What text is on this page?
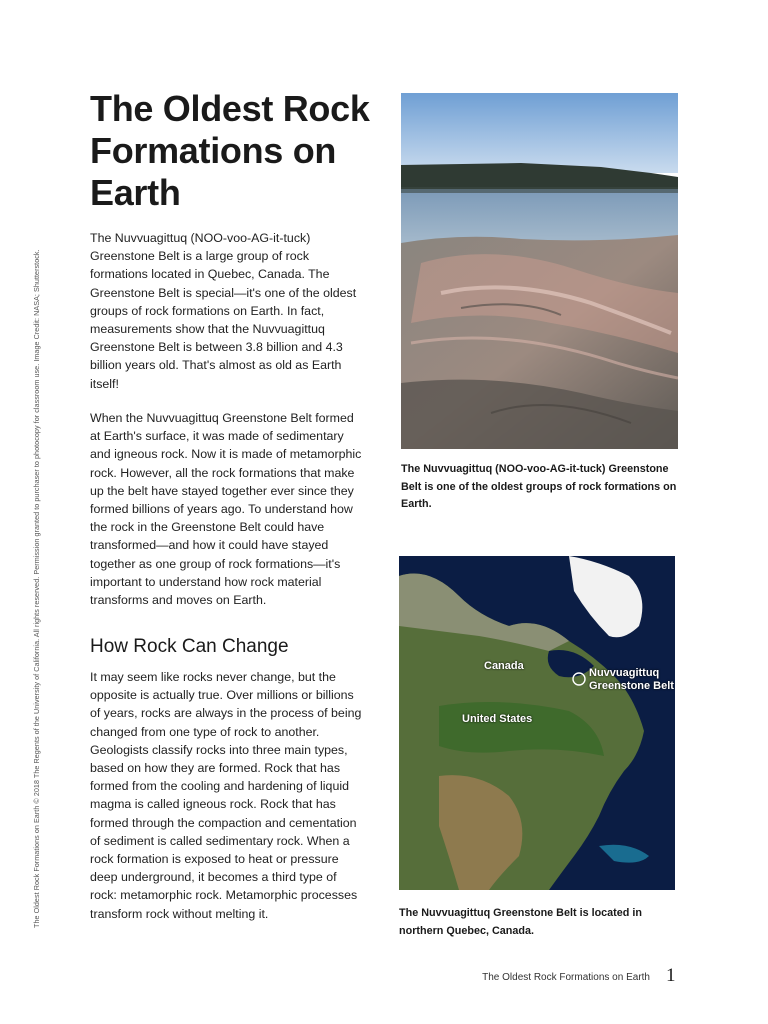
The Oldest Rock Formations on Earth © 2018 The Regents of the University of California. All rights reserved. Permission granted to purchaser to photocopy for classroom use. Image Credit: NASA; Shutterstock.
The Oldest Rock Formations on Earth

The Nuvvuagittuq (NOO-voo-AG-it-tuck) Greenstone Belt is a large group of rock formations located in Quebec, Canada. The Greenstone Belt is special—it's one of the oldest groups of rock formations on Earth. In fact, measurements show that the Nuvvuagittuq Greenstone Belt is between 3.8 billion and 4.3 billion years old. That's almost as old as Earth itself!

When the Nuvvuagittuq Greenstone Belt formed at Earth's surface, it was made of sedimentary and igneous rock. Now it is made of metamorphic rock. However, all the rock formations that make up the belt have stayed together ever since they formed billions of years ago. To understand how the rock in the Greenstone Belt could have transformed—and how it could have stayed together as one group of rock formations—it's important to understand how rock material transforms and moves on Earth.

How Rock Can Change

It may seem like rocks never change, but the opposite is actually true. Over millions or billions of years, rocks are always in the process of being changed from one type of rock to another. Geologists classify rocks into three main types, based on how they are formed. Rock that has formed from the cooling and hardening of liquid magma is called igneous rock. Rock that has formed through the compaction and cementation of sediment is called sedimentary rock. When a rock formation is exposed to heat or pressure deep underground, it becomes a third type of rock: metamorphic rock. Metamorphic processes transform rock without melting it.

The Nuvvuagittuq (NOO-voo-AG-it-tuck) Greenstone Belt is one of the oldest groups of rock formations on Earth.

Canada
Nuvvuagittuq
Greenstone Belt
United States

The Nuvvuagittuq Greenstone Belt is located in northern Quebec, Canada.

The Oldest Rock Formations on Earth 1
